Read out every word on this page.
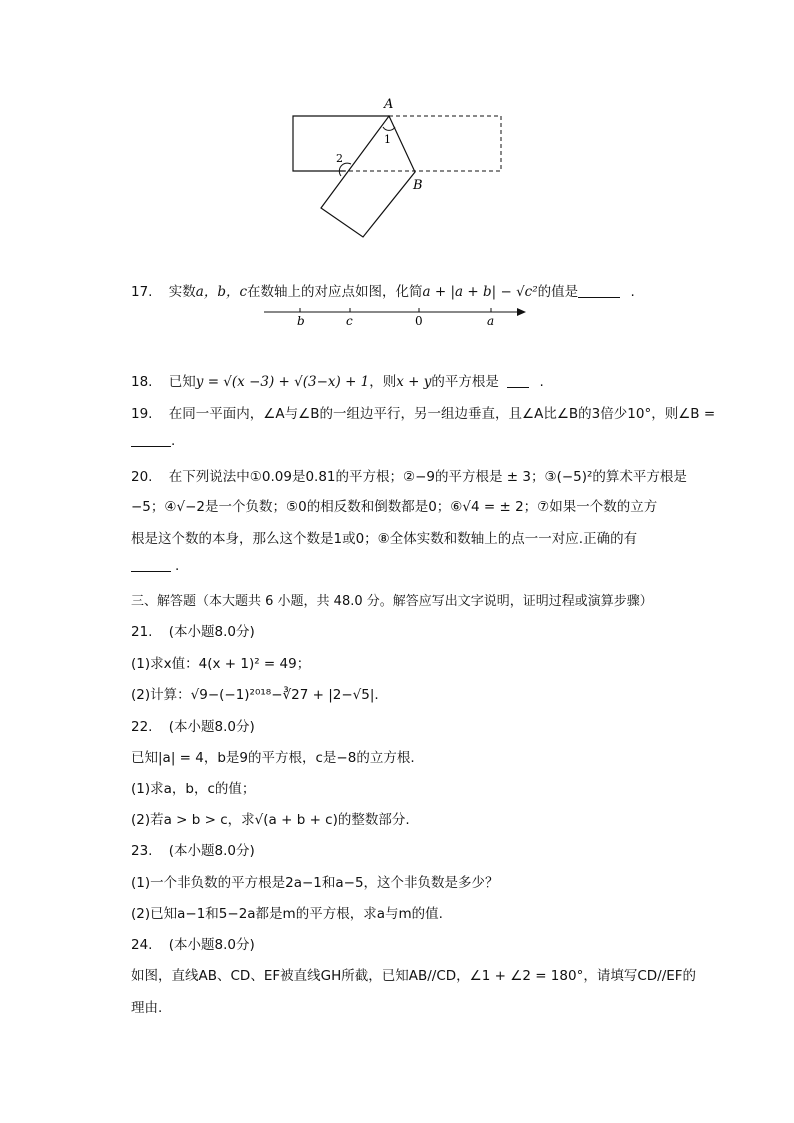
A
B
1
2
17. 实数a，b，c在数轴上的对应点如图，化简a + |a + b| − √c²的值是	.
b	c	0	a
18. 已知y = √(x −3) + √(3−x) + 1，则x + y的平方根是	.
19. 在同一平面内，∠A与∠B的一组边平行，另一组边垂直，且∠A比∠B的3倍少10°，则∠B =
.
20. 在下列说法中①0.09是0.81的平方根；②−9的平方根是 ± 3；③(−5)²的算术平方根是
−5；④√−2是一个负数；⑤0的相反数和倒数都是0；⑥√4 = ± 2；⑦如果一个数的立方
根是这个数的本身，那么这个数是1或0；⑧全体实数和数轴上的点一一对应.正确的有
.
三、解答题（本大题共 6 小题，共 48.0 分。解答应写出文字说明，证明过程或演算步骤）
21. (本小题8.0分)
(1)求x值：4(x + 1)² = 49；
(2)计算：√9−(−1)²⁰¹⁸−∛27 + |2−√5|.
22. (本小题8.0分)
已知|a| = 4，b是9的平方根，c是−8的立方根.
(1)求a，b，c的值；
(2)若a > b > c，求√(a + b + c)的整数部分.
23. (本小题8.0分)
(1)一个非负数的平方根是2a−1和a−5，这个非负数是多少？
(2)已知a−1和5−2a都是m的平方根，求a与m的值.
24. (本小题8.0分)
如图，直线AB、CD、EF被直线GH所截，已知AB//CD，∠1 + ∠2 = 180°，请填写CD//EF的
理由.
